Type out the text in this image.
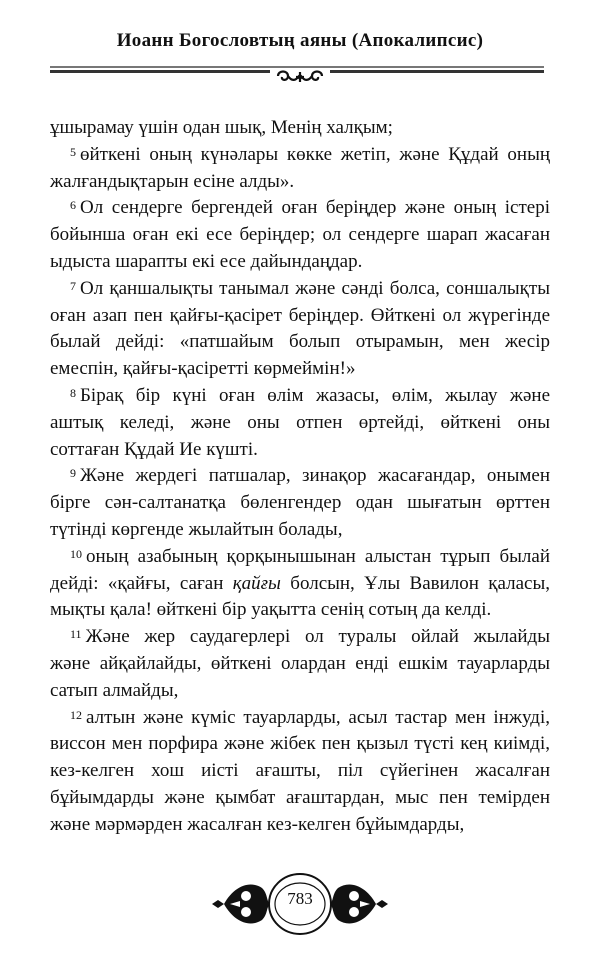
Иоанн Богословтың аяны (Апокалипсис)
ұшырамау үшін одан шық, Менің халқым;
$^5$ өйткені оның күнәлары көкке жетіп, және Құдай оның
жалғандықтарын есіне алды».
$^6$ Ол сендерге бергендей оған беріңдер және оның істері
бойынша оған екі есе беріңдер; ол сендерге шарап жасаған
ыдыста шарапты екі есе дайындаңдар.
$^7$ Ол қаншалықты танымал және сәнді болса, соншалықты
оған азап пен қайғы-қасірет беріңдер. Өйткені ол жүрегінде
былай дейді: «патшайым болып отырамын, мен жесір
емеспін, қайғы-қасіретті көрмеймін!»
$^8$ Бірақ бір күні оған өлім жазасы, өлім, жылау және
аштық келеді, және оны отпен өртейді, өйткені оны
соттаған Құдай Ие күшті.
$^9$ Және жердегі патшалар, зинақор жасағандар, онымен
бірге сән-салтанатқа бөленгендер одан шығатын өрттен
түтінді көргенде жылайтын болады,
$^{10}$ оның азабының қорқынышынан алыстан тұрып былай
дейді: «қайғы, саған қайғы болсын, Ұлы Вавилон қаласы,
мықты қала! өйткені бір уақытта сенің сотың да келді.
$^{11}$ Және жер саудагерлері ол туралы ойлай жылайды
және айқайлайды, өйткені олардан енді ешкім тауарларды
сатып алмайды,
$^{12}$ алтын және күміс тауарларды, асыл тастар мен інжуді,
виссон мен порфира және жібек пен қызыл түсті кең киімді,
кез-келген хош иісті ағашты, піл сүйегінен жасалған
бұйымдарды және қымбат ағаштардан, мыс пен темірден
және мәрмәрден жасалған кез-келген бұйымдарды,
783
